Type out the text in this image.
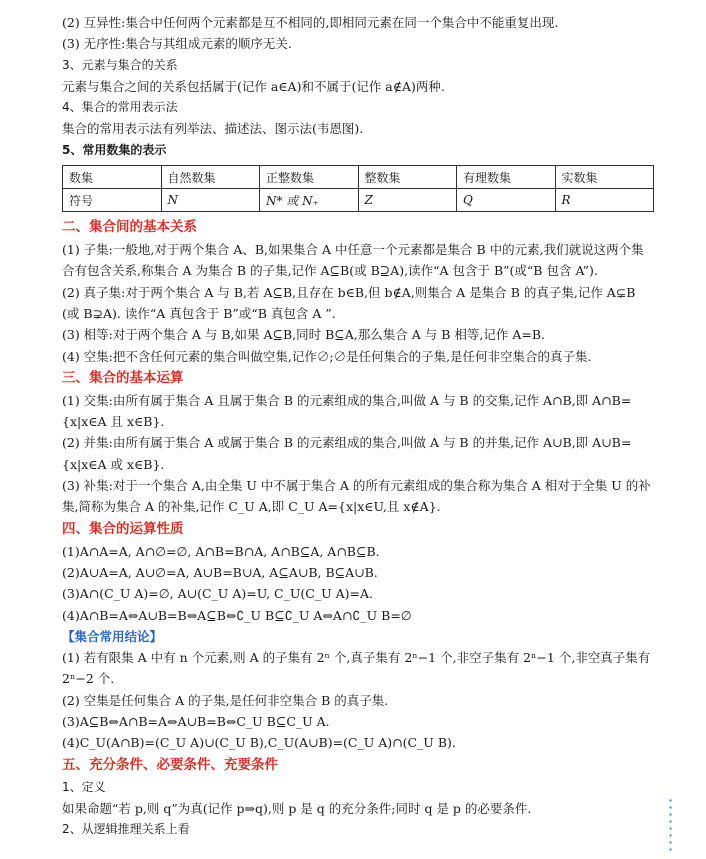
(2) 互异性:集合中任何两个元素都是互不相同的,即相同元素在同一个集合中不能重复出现.
(3) 无序性:集合与其组成元素的顺序无关.
3、元素与集合的关系
元素与集合之间的关系包括属于(记作 a∈A)和不属于(记作 a∉A)两种.
4、集合的常用表示法
集合的常用表示法有列举法、描述法、图示法(韦恩图).
5、常用数集的表示
数集	自然数集	正整数集	整数集	有理数集	实数集
符号	N	N* 或 N₊	Z	Q	R
二、集合间的基本关系
(1) 子集:一般地,对于两个集合 A、B,如果集合 A 中任意一个元素都是集合 B 中的元素,我们就说这两个集
合有包含关系,称集合 A 为集合 B 的子集,记作 A⊆B(或 B⊇A),读作“A 包含于 B”(或“B 包含 A”).
(2) 真子集:对于两个集合 A 与 B,若 A⊆B,且存在 b∈B,但 b∉A,则集合 A 是集合 B 的真子集,记作 A⊊B
(或 B⊋A). 读作“A 真包含于 B”或“B 真包含 A ”.
(3) 相等:对于两个集合 A 与 B,如果 A⊆B,同时 B⊆A,那么集合 A 与 B 相等,记作 A=B.
(4) 空集:把不含任何元素的集合叫做空集,记作∅;∅是任何集合的子集,是任何非空集合的真子集.
三、集合的基本运算
(1) 交集:由所有属于集合 A 且属于集合 B 的元素组成的集合,叫做 A 与 B 的交集,记作 A∩B,即 A∩B=
{x|x∈A 且 x∈B}.
(2) 并集:由所有属于集合 A 或属于集合 B 的元素组成的集合,叫做 A 与 B 的并集,记作 A∪B,即 A∪B=
{x|x∈A 或 x∈B}.
(3) 补集:对于一个集合 A,由全集 U 中不属于集合 A 的所有元素组成的集合称为集合 A 相对于全集 U 的补
集,简称为集合 A 的补集,记作 C_U A,即 C_U A={x|x∈U,且 x∉A}.
四、集合的运算性质
(1)A∩A=A, A∩∅=∅, A∩B=B∩A, A∩B⊆A, A∩B⊆B.
(2)A∪A=A, A∪∅=A, A∪B=B∪A, A⊆A∪B, B⊆A∪B.
(3)A∩(C_U A)=∅, A∪(C_U A)=U, C_U(C_U A)=A.
(4)A∩B=A⇔A∪B=B⇔A⊆B⇔∁_U B⊆∁_U A⇔A∩∁_U B=∅
【集合常用结论】
(1) 若有限集 A 中有 n 个元素,则 A 的子集有 2ⁿ 个,真子集有 2ⁿ−1 个,非空子集有 2ⁿ−1 个,非空真子集有
2ⁿ−2 个.
(2) 空集是任何集合 A 的子集,是任何非空集合 B 的真子集.
(3)A⊆B⇔A∩B=A⇔A∪B=B⇔C_U B⊆C_U A.
(4)C_U(A∩B)=(C_U A)∪(C_U B),C_U(A∪B)=(C_U A)∩(C_U B).
五、充分条件、必要条件、充要条件
1、定义
如果命题“若 p,则 q”为真(记作 p⇒q),则 p 是 q 的充分条件;同时 q 是 p 的必要条件.
2、从逻辑推理关系上看
